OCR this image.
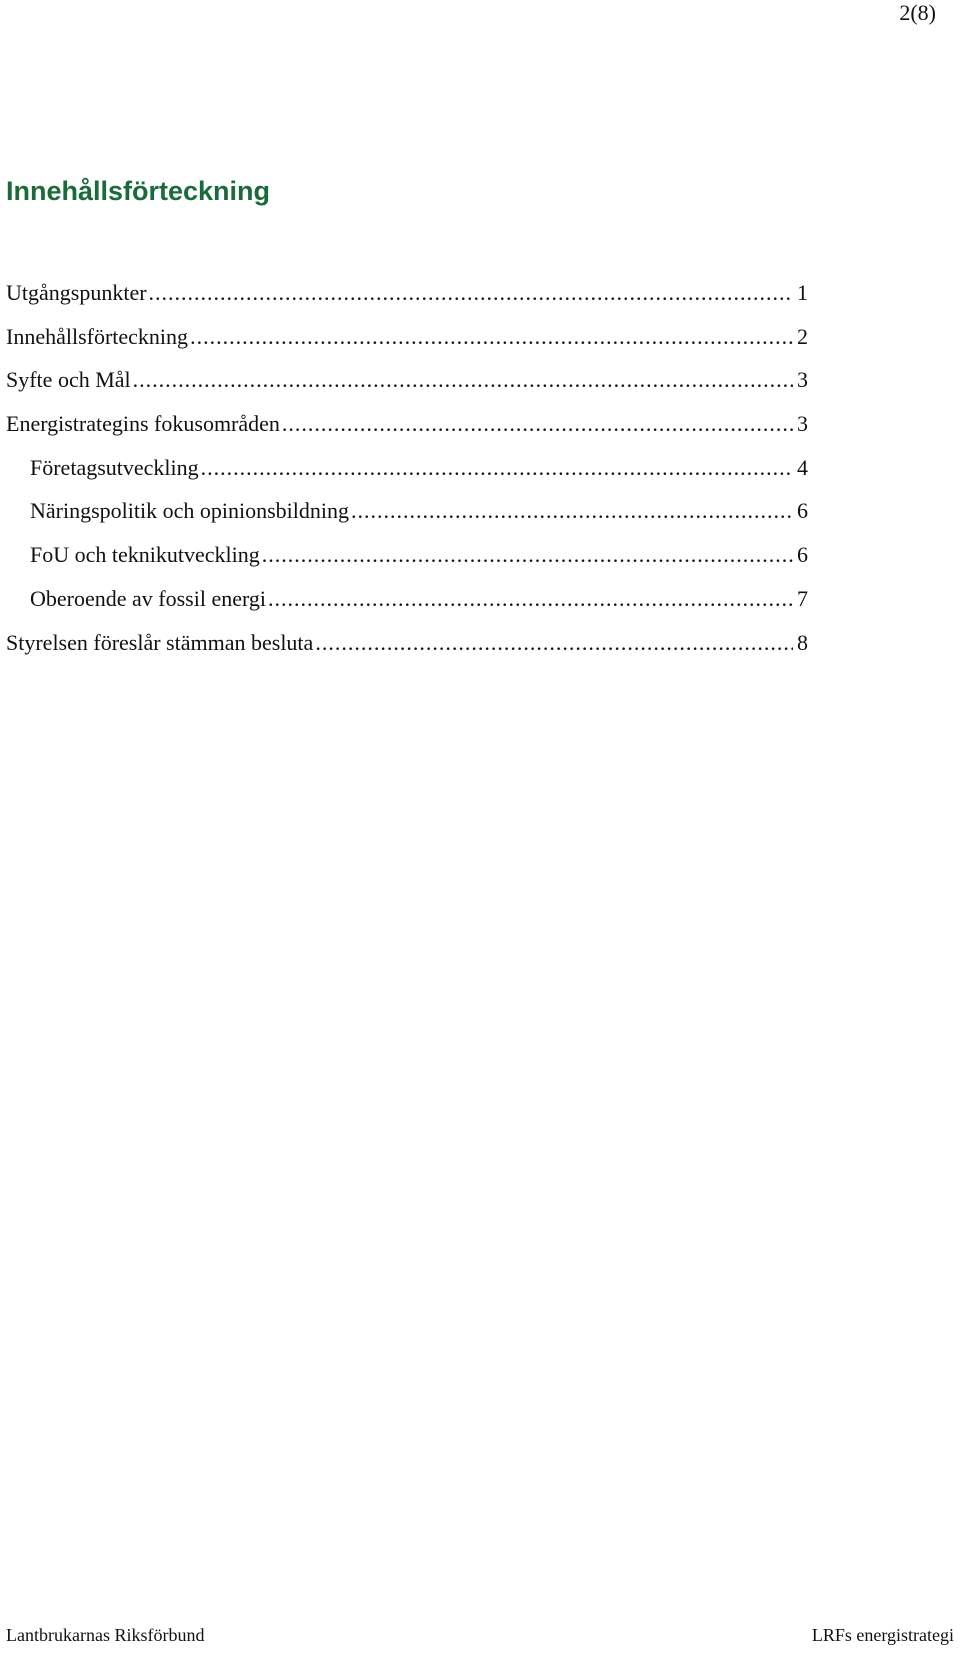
2(8)
Innehållsförteckning
Utgångspunkter .....	1
Innehållsförteckning .....	2
Syfte och Mål .....	3
Energistrategins fokusområden .....	3
Företagsutveckling .....	4
Näringspolitik och opinionsbildning .....	6
FoU och teknikutveckling .....	6
Oberoende av fossil energi .....	7
Styrelsen föreslår stämman besluta .....	8
Lantbrukarnas Riksförbund	LRFs energistrategi
